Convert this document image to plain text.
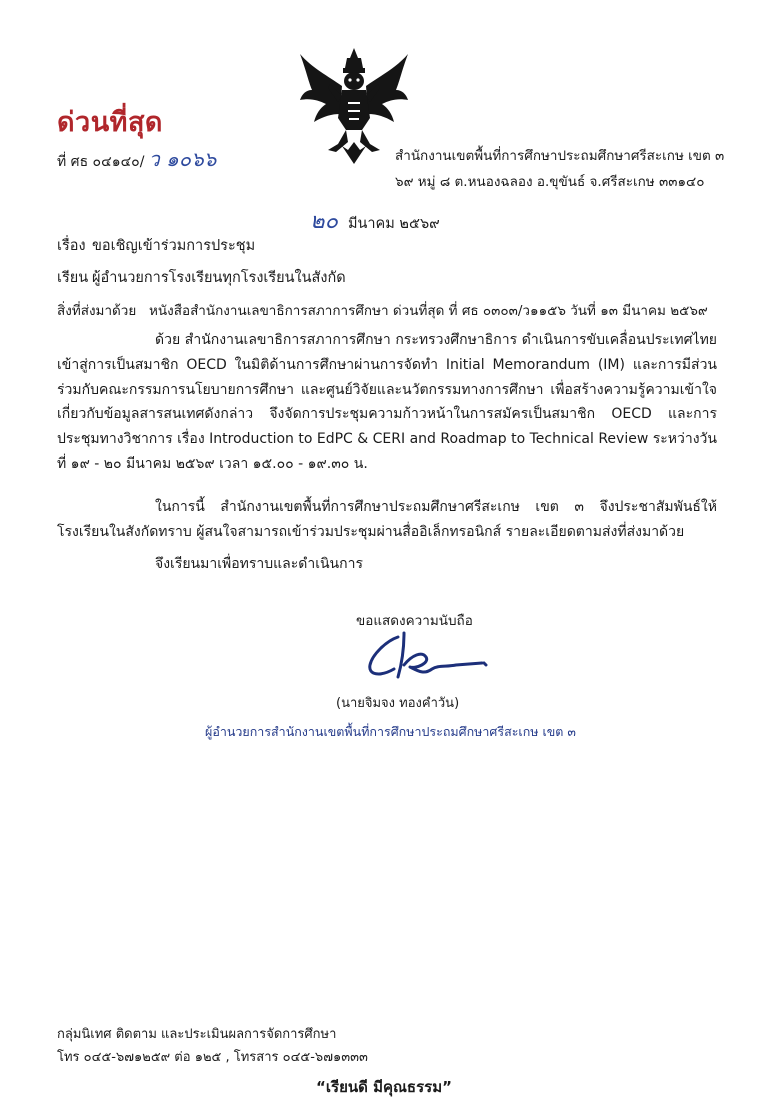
ด่วนที่สุด
ที่ ศธ ๐๔๑๔๐/ ว ๑๐๖๖	สำนักงานเขตพื้นที่การศึกษาประถมศึกษาศรีสะเกษ เขต ๓
๖๙ หมู่ ๘ ต.หนองฉลอง อ.ขุขันธ์ จ.ศรีสะเกษ ๓๓๑๔๐
๒๐ มีนาคม ๒๕๖๙
เรื่อง ขอเชิญเข้าร่วมการประชุม
เรียน ผู้อำนวยการโรงเรียนทุกโรงเรียนในสังกัด
สิ่งที่ส่งมาด้วย หนังสือสำนักงานเลขาธิการสภาการศึกษา ด่วนที่สุด ที่ ศธ ๐๓๐๓/ว๑๑๕๖ วันที่ ๑๓ มีนาคม ๒๕๖๙
ด้วย สำนักงานเลขาธิการสภาการศึกษา กระทรวงศึกษาธิการ ดำเนินการขับเคลื่อนประเทศไทยเข้าสู่การเป็นสมาชิก OECD ในมิติด้านการศึกษาผ่านการจัดทำ Initial Memorandum (IM) และการมีส่วนร่วมกับคณะกรรมการนโยบายการศึกษา และศูนย์วิจัยและนวัตกรรมทางการศึกษา เพื่อสร้างความรู้ความเข้าใจเกี่ยวกับข้อมูลสารสนเทศดังกล่าว จึงจัดการประชุมความก้าวหน้าในการสมัครเป็นสมาชิก OECD และการประชุมทางวิชาการ เรื่อง Introduction to EdPC & CERI and Roadmap to Technical Review ระหว่างวันที่ ๑๙ - ๒๐ มีนาคม ๒๕๖๙ เวลา ๑๕.๐๐ - ๑๙.๓๐ น.
ในการนี้ สำนักงานเขตพื้นที่การศึกษาประถมศึกษาศรีสะเกษ เขต ๓ จึงประชาสัมพันธ์ให้โรงเรียนในสังกัดทราบ ผู้สนใจสามารถเข้าร่วมประชุมผ่านสื่ออิเล็กทรอนิกส์ รายละเอียดตามส่งที่ส่งมาด้วย
จึงเรียนมาเพื่อทราบและดำเนินการ
ขอแสดงความนับถือ
(นายจิมจง ทองคำวัน)
ผู้อำนวยการสำนักงานเขตพื้นที่การศึกษาประถมศึกษาศรีสะเกษ เขต ๓
กลุ่มนิเทศ ติดตาม และประเมินผลการจัดการศึกษา
โทร ๐๔๕-๖๗๑๒๕๙ ต่อ ๑๒๕ , โทรสาร ๐๔๕-๖๗๑๓๓๓
“เรียนดี มีคุณธรรม”
